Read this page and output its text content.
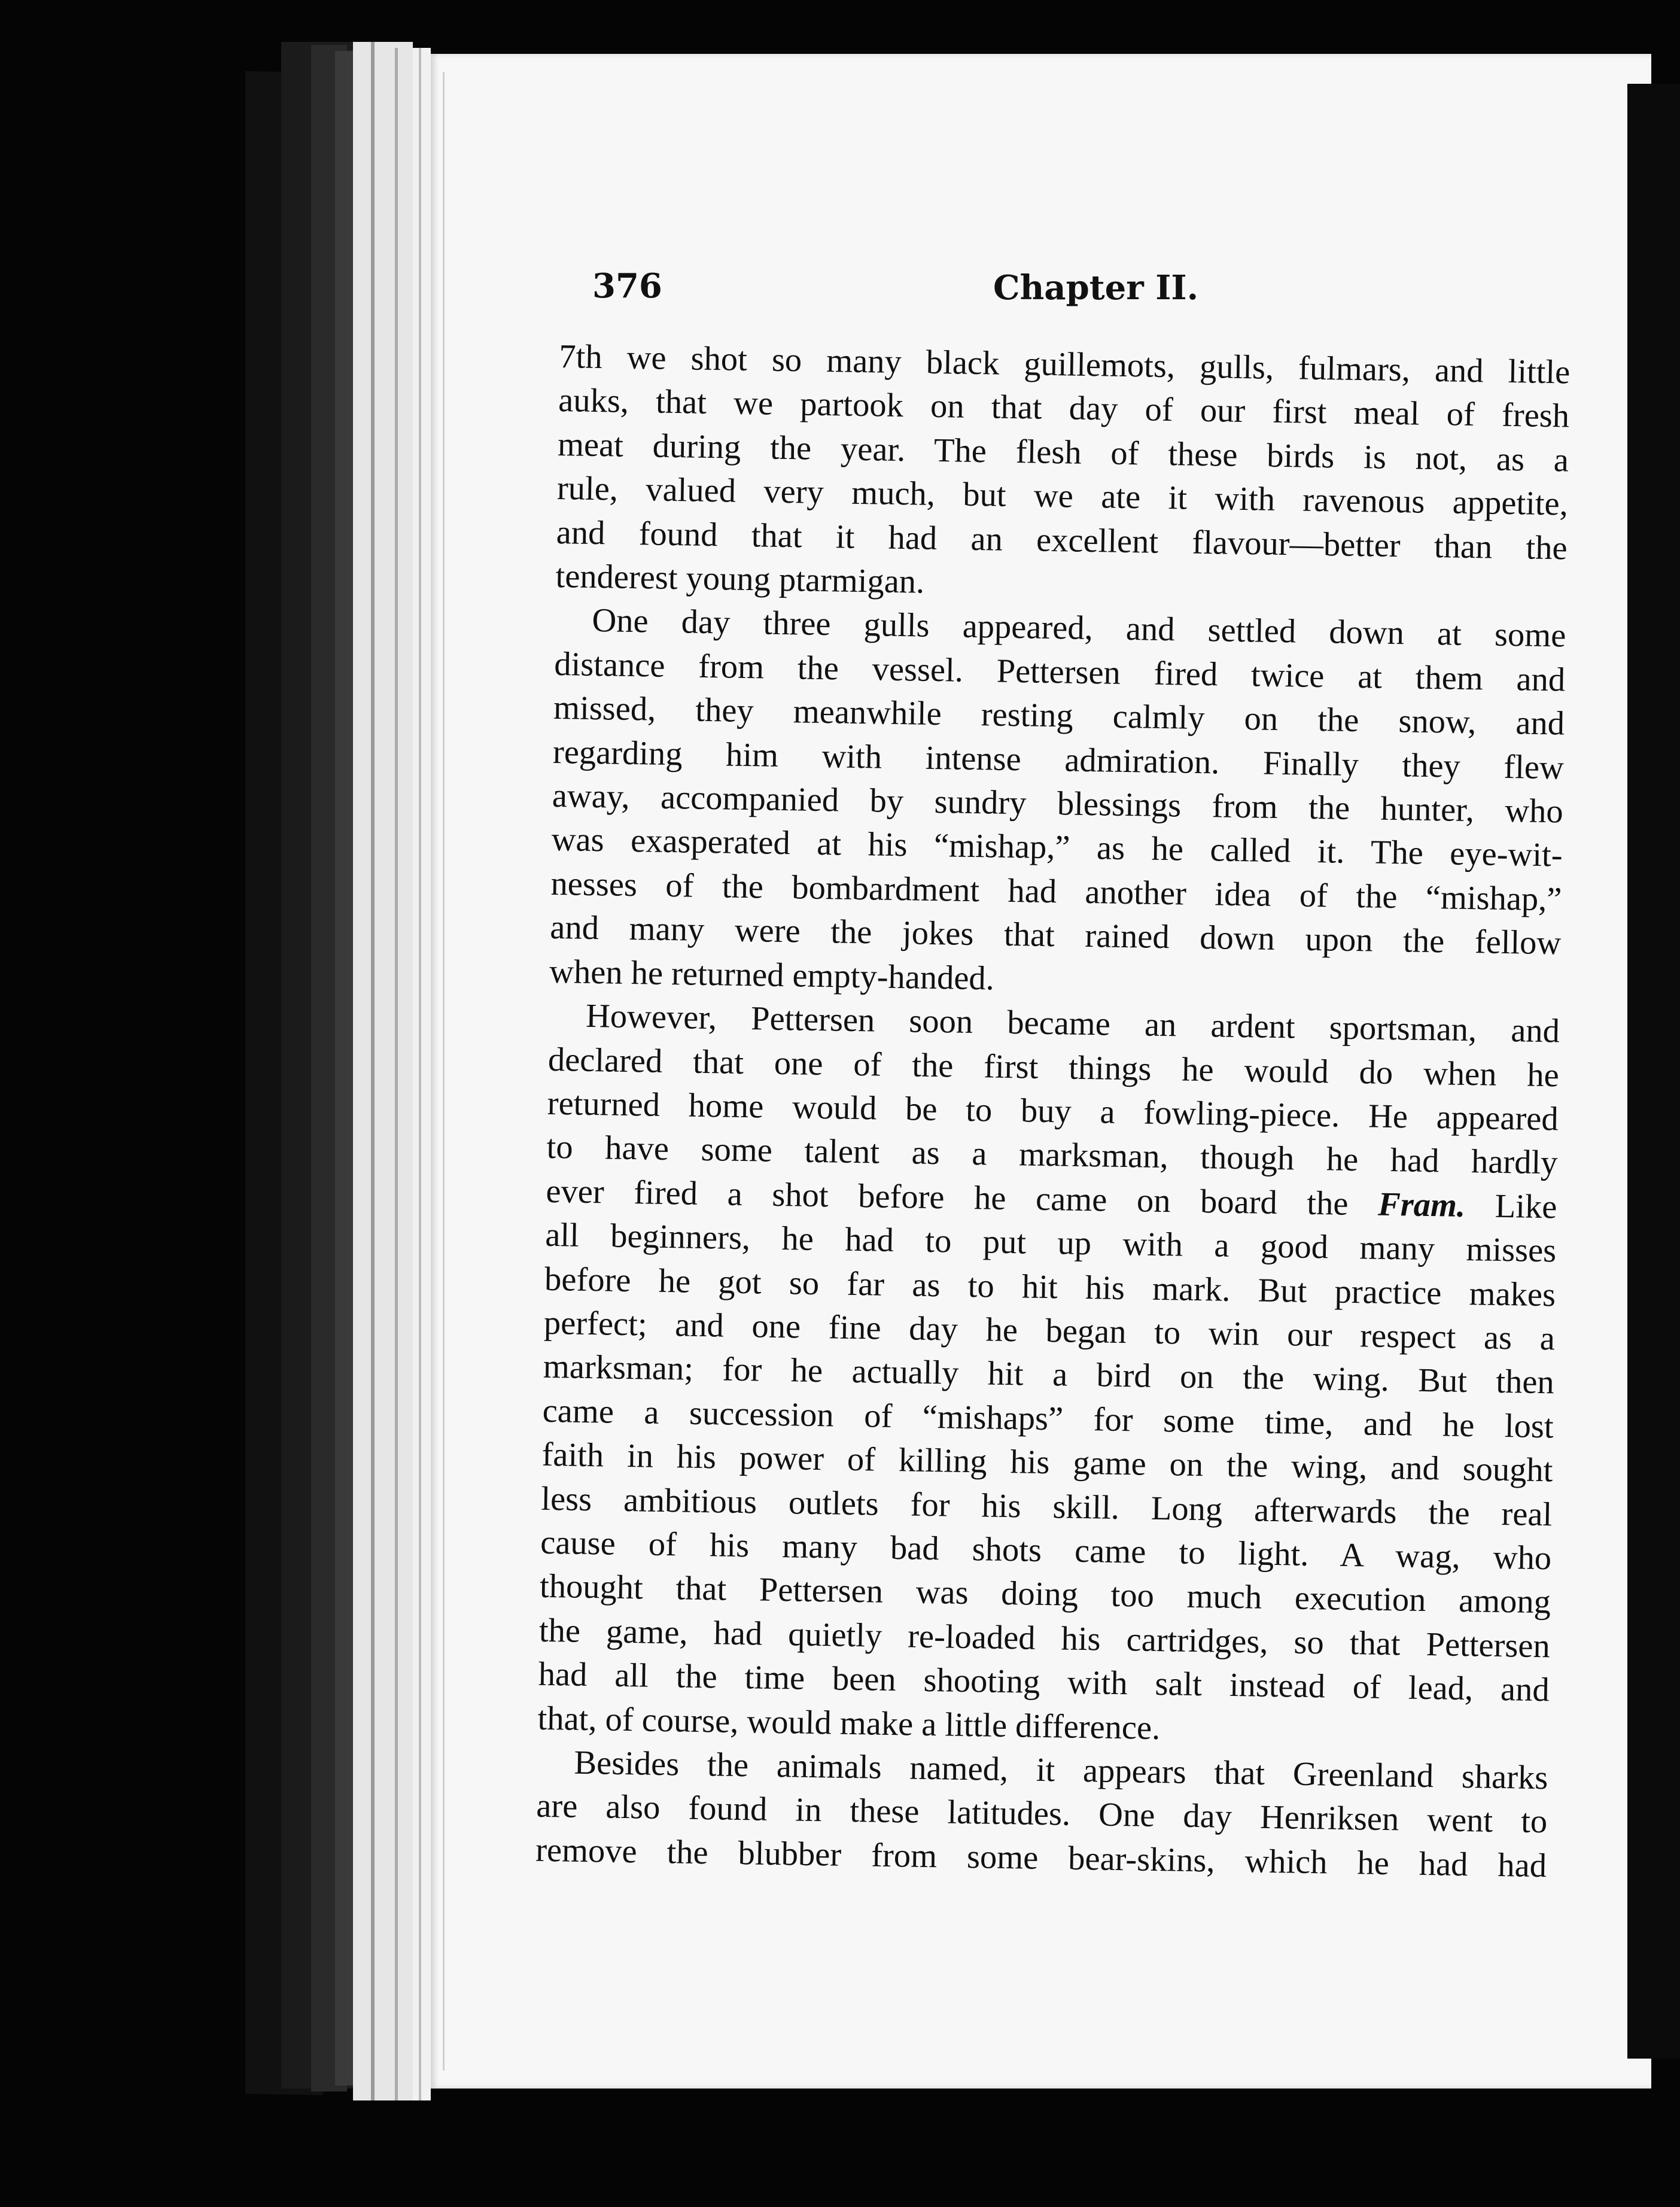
376	Chapter II.

7th we shot so many black guillemots, gulls, fulmars, and little
auks, that we partook on that day of our first meal of fresh
meat during the year. The flesh of these birds is not, as a
rule, valued very much, but we ate it with ravenous appetite,
and found that it had an excellent flavour—better than the
tenderest young ptarmigan.

One day three gulls appeared, and settled down at some
distance from the vessel. Pettersen fired twice at them and
missed, they meanwhile resting calmly on the snow, and
regarding him with intense admiration. Finally they flew
away, accompanied by sundry blessings from the hunter, who
was exasperated at his “mishap,” as he called it. The eye-wit-
nesses of the bombardment had another idea of the “mishap,”
and many were the jokes that rained down upon the fellow
when he returned empty-handed.

However, Pettersen soon became an ardent sportsman, and
declared that one of the first things he would do when he
returned home would be to buy a fowling-piece. He appeared
to have some talent as a marksman, though he had hardly
ever fired a shot before he came on board the Fram. Like
all beginners, he had to put up with a good many misses
before he got so far as to hit his mark. But practice makes
perfect; and one fine day he began to win our respect as a
marksman; for he actually hit a bird on the wing. But then
came a succession of “mishaps” for some time, and he lost
faith in his power of killing his game on the wing, and sought
less ambitious outlets for his skill. Long afterwards the real
cause of his many bad shots came to light. A wag, who
thought that Pettersen was doing too much execution among
the game, had quietly re-loaded his cartridges, so that Pettersen
had all the time been shooting with salt instead of lead, and
that, of course, would make a little difference.

Besides the animals named, it appears that Greenland sharks
are also found in these latitudes. One day Henriksen went to
remove the blubber from some bear-skins, which he had had
